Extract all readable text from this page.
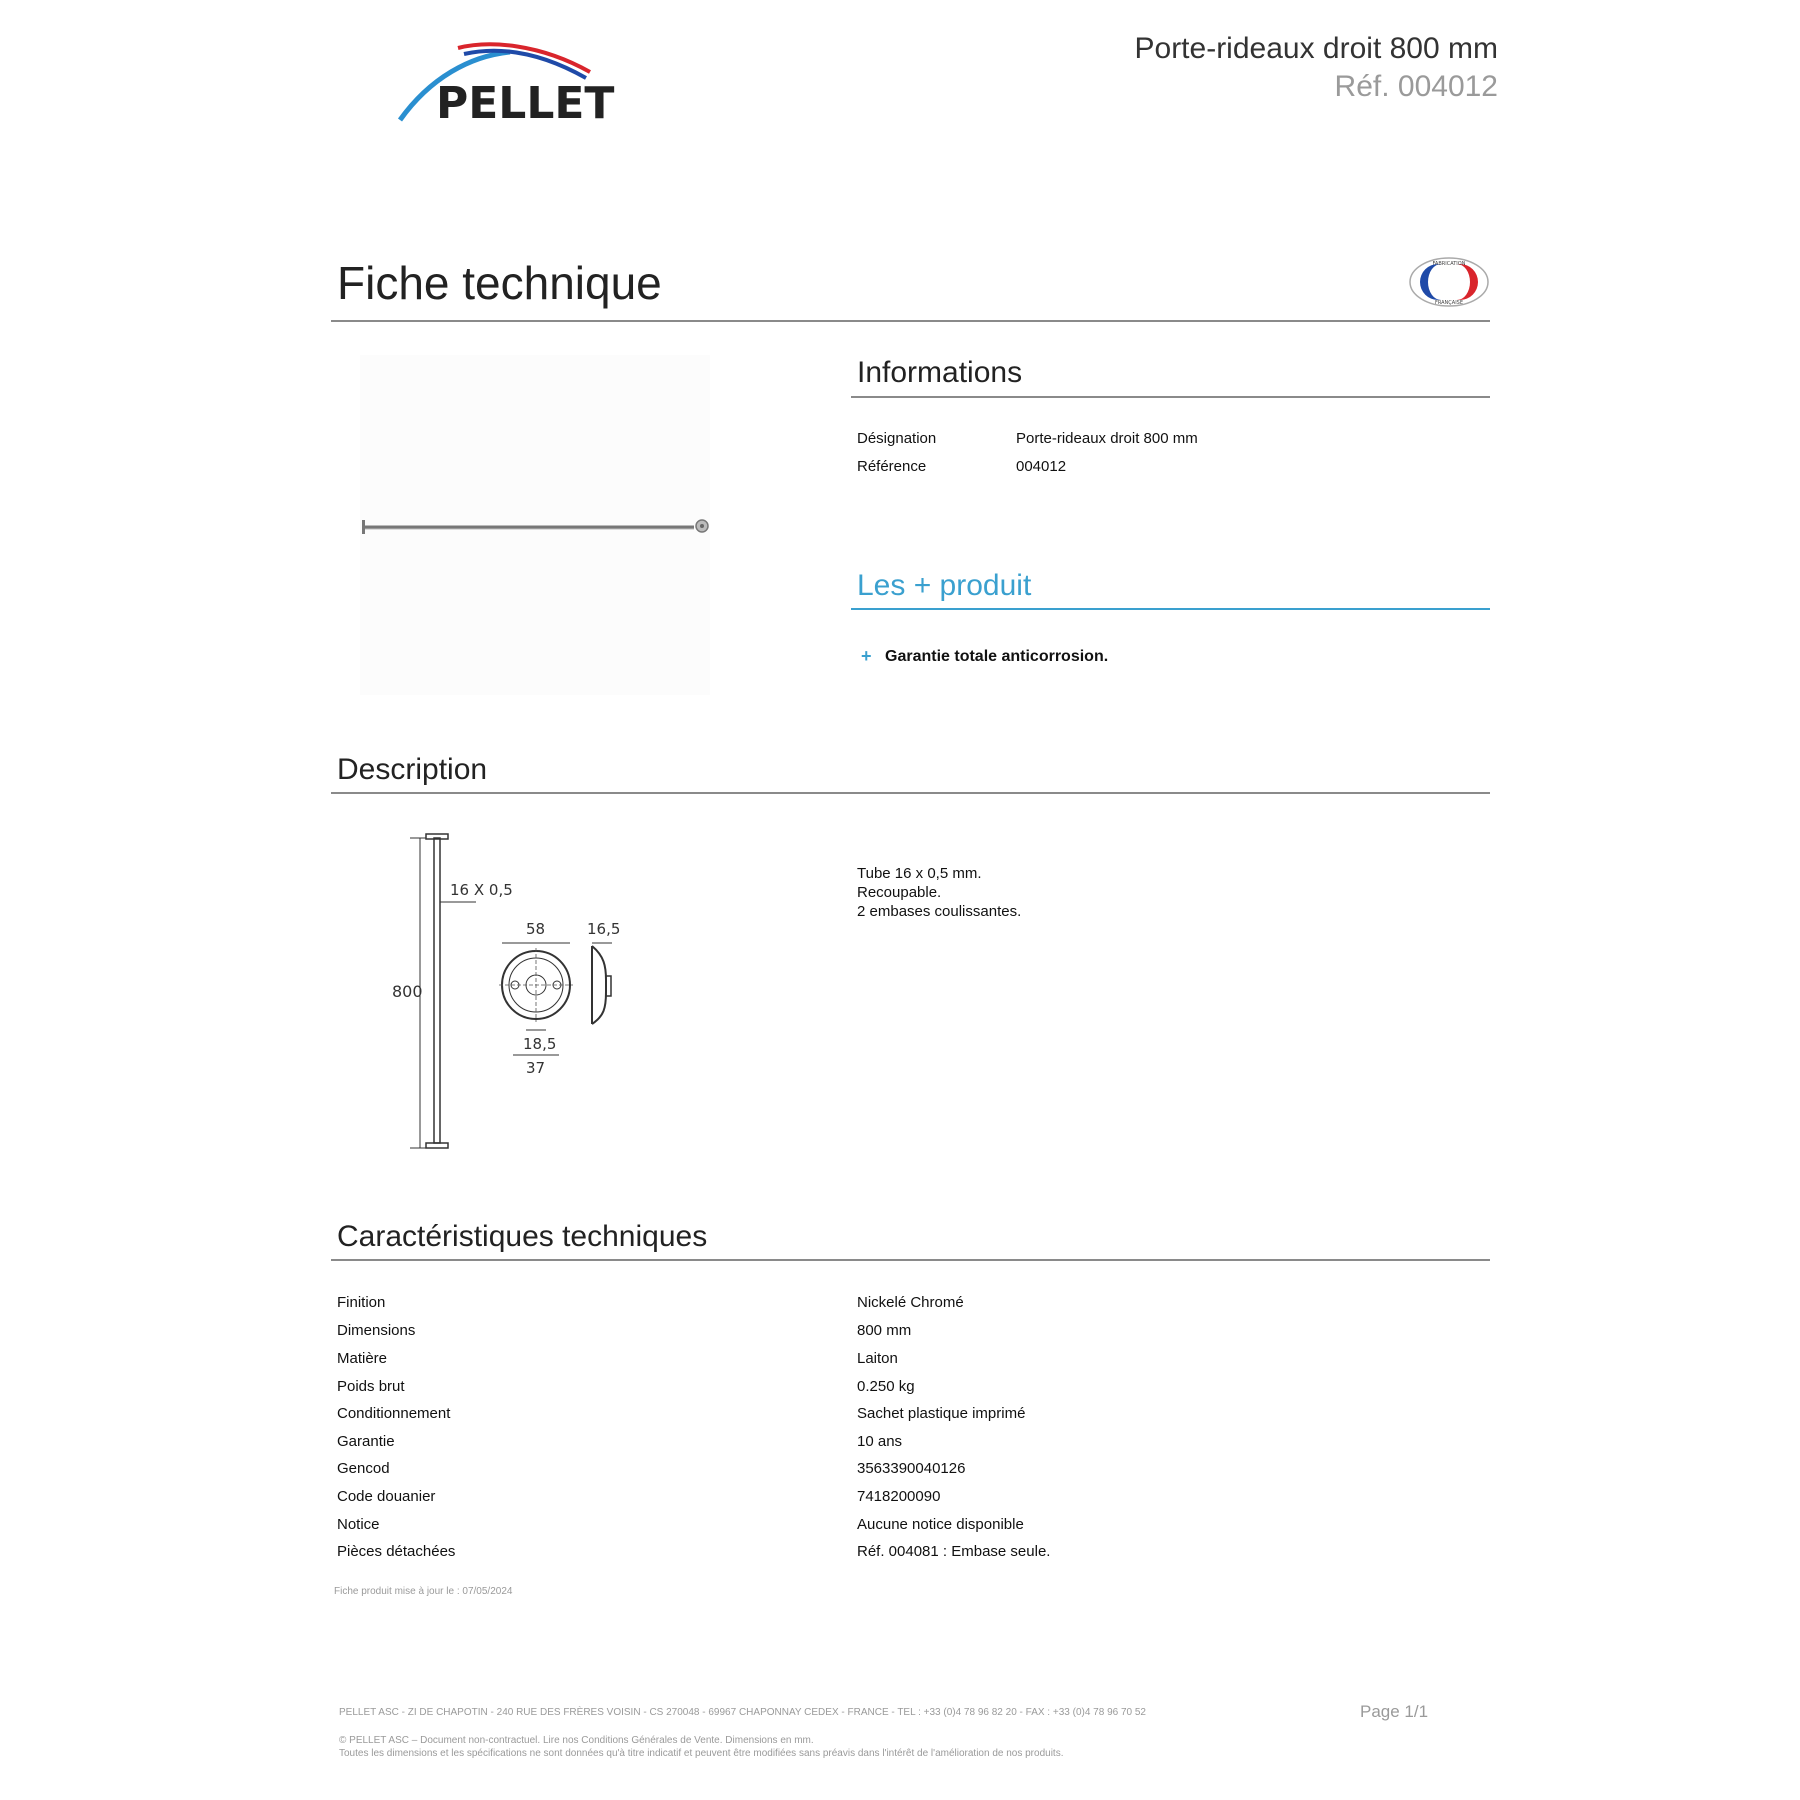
PELLET
Porte-rideaux droit 800 mm
Réf. 004012
Fiche technique	FABRICATION
FRANÇAISE
Informations
Désignation	Porte-rideaux droit 800 mm
Référence	004012
Les + produit
+ Garantie totale anticorrosion.
Description
800
16 X 0,5
58
18,5
37
16,5
Tube 16 x 0,5 mm.
Recoupable.
2 embases coulissantes.
Caractéristiques techniques
Finition	Nickelé Chromé
Dimensions	800 mm
Matière	Laiton
Poids brut	0.250 kg
Conditionnement	Sachet plastique imprimé
Garantie	10 ans
Gencod	3563390040126
Code douanier	7418200090
Notice	Aucune notice disponible
Pièces détachées	Réf. 004081 : Embase seule.
Fiche produit mise à jour le : 07/05/2024
PELLET ASC - ZI DE CHAPOTIN - 240 RUE DES FRÈRES VOISIN - CS 270048 - 69967 CHAPONNAY CEDEX - FRANCE - TEL : +33 (0)4 78 96 82 20 - FAX : +33 (0)4 78 96 70 52	Page 1/1
© PELLET ASC – Document non-contractuel. Lire nos Conditions Générales de Vente. Dimensions en mm.
Toutes les dimensions et les spécifications ne sont données qu'à titre indicatif et peuvent être modifiées sans préavis dans l'intérêt de l'amélioration de nos produits.
